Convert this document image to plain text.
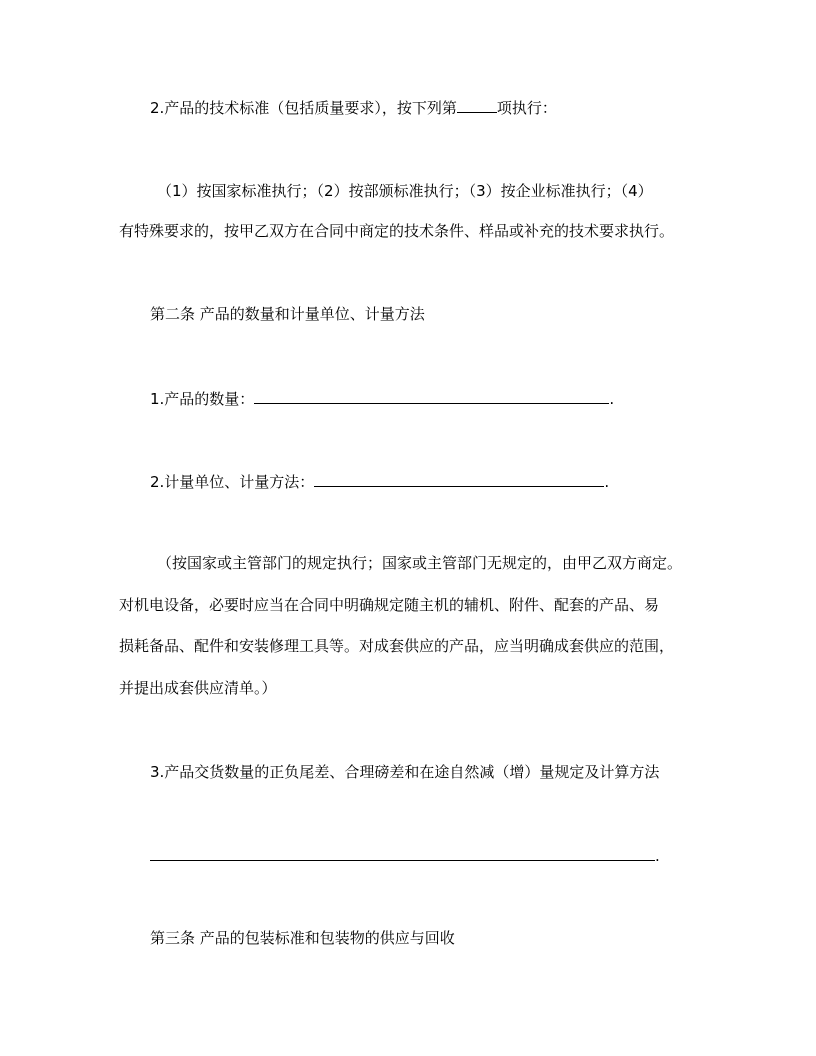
2.产品的技术标准（包括质量要求），按下列第	项执行：
（1）按国家标准执行；（2）按部颁标准执行；（3）按企业标准执行；（4）
有特殊要求的，按甲乙双方在合同中商定的技术条件、样品或补充的技术要求执行。
第二条 产品的数量和计量单位、计量方法
1.产品的数量：	.
2.计量单位、计量方法：	.
（按国家或主管部门的规定执行；国家或主管部门无规定的，由甲乙双方商定。
对机电设备，必要时应当在合同中明确规定随主机的辅机、附件、配套的产品、易
损耗备品、配件和安装修理工具等。对成套供应的产品，应当明确成套供应的范围，
并提出成套供应清单。）
3.产品交货数量的正负尾差、合理磅差和在途自然减（增）量规定及计算方法
.
第三条 产品的包装标准和包装物的供应与回收
